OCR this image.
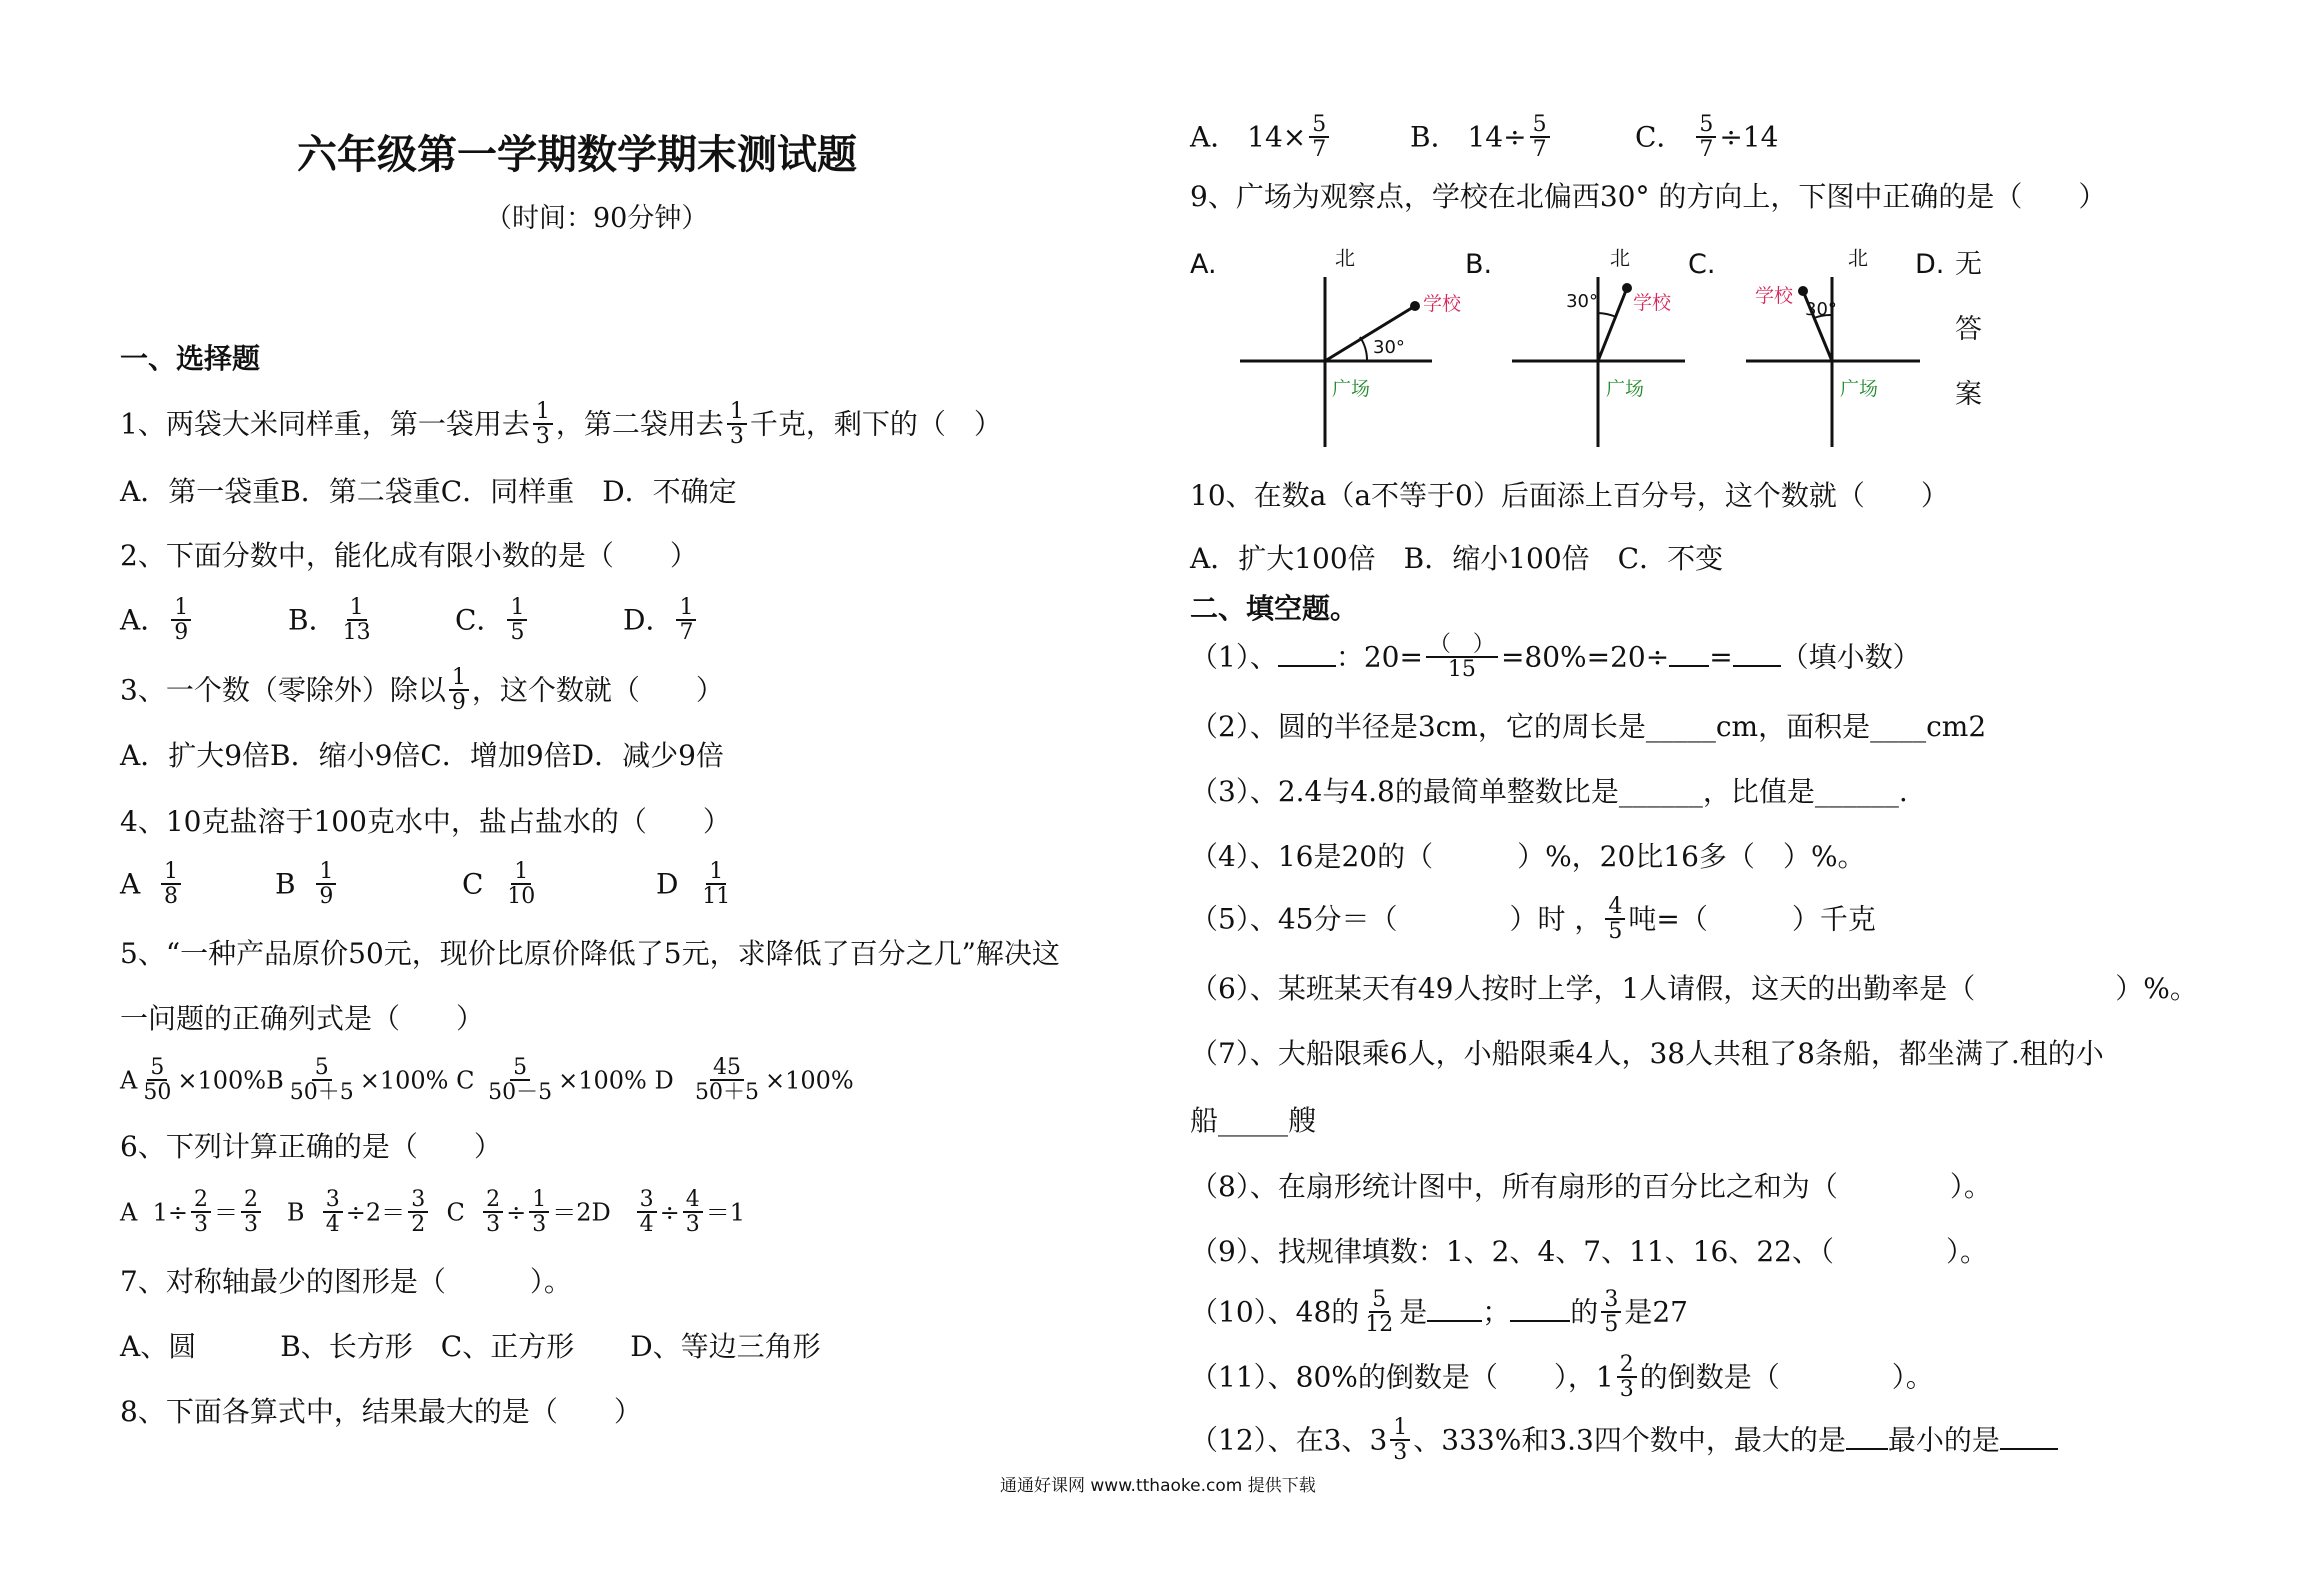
六年级第一学期数学期末测试题
（时间：90分钟）
一、选择题
1、两袋大米同样重，第一袋用去 $\frac{1}{3}$ ，第二袋用去 $\frac{1}{3}$ 千克，剩下的（　）
A．第一袋重B．第二袋重C．同样重　D．不确定
2、下面分数中，能化成有限小数的是（　　）
A． $\frac{1}{9}$	B． $\frac{1}{13}$	C． $\frac{1}{5}$	D． $\frac{1}{7}$
3、一个数（零除外）除以 $\frac{1}{9}$ ，这个数就（　　）
A．扩大9倍B．缩小9倍C．增加9倍D．减少9倍
4、10克盐溶于100克水中，盐占盐水的（　　）
A $\frac{1}{8}$	B $\frac{1}{9}$	C $\frac{1}{10}$	D $\frac{1}{11}$
5、“一种产品原价50元，现价比原价降低了5元，求降低了百分之几”解决这
一问题的正确列式是（　　）
A $\frac{5}{50} \times 100\%B \frac{5}{50+5} \times 100\%$ C $\frac{5}{50-5} \times 100\%$ D $\frac{45}{50+5} \times 100\%$
6、下列计算正确的是（　　）
A $1\div \frac{2}{3} = \frac{2}{3}$ B $\frac{3}{4} \div 2= \frac{3}{2}$ C $\frac{2}{3} \div \frac{1}{3} =2D \frac{3}{4} \div \frac{4}{3} =1$
7、对称轴最少的图形是（　　　）。
A、圆　　　B、长方形　C、正方形　　D、等边三角形
8、下面各算式中，结果最大的是（　　）
A． $14\times \frac{5}{7}$	B． $14\div \frac{5}{7}$	C． $\frac{5}{7} \div 14$
9、广场为观察点，学校在北偏西30° 的方向上，下图中正确的是（　　）
A.	B.	C.	D. 无
答
案
北
学校
30°
广场
北
30° 学校
广场
北
学校
30°
广场
10、在数a（a不等于0）后面添上百分号，这个数就（　　）
A．扩大100倍　B．缩小100倍　C．不变
二、填空题。
（1）、 ：$20= \frac{( )}{15} =80\%=20\div$ = （填小数）
（2）、圆的半径是3cm，它的周长是_____cm，面积是____cm2
（3）、2.4与4.8的最简单整数比是______，比值是______.
（4）、16是20的（　　　）%，20比16多（　）%。
（5）、45分＝（　　　　）时 ， $\frac{4}{5}$ 吨=（　　　）千克
（6）、某班某天有49人按时上学，1人请假，这天的出勤率是（　　　　　）%。
（7）、大船限乘6人，小船限乘4人，38人共租了8条船，都坐满了.租的小
船_____艘
（8）、在扇形统计图中，所有扇形的百分比之和为（　　　　）。
（9）、找规律填数：1、2、4、7、11、16、22、（　　　　）。
（10）、48的 $\frac{5}{12}$ 是 ； 的 $\frac{3}{5}$ 是27
（11）、80%的倒数是（　　），$1 \frac{2}{3}$ 的倒数是（　　　　）。
（12）、在3、$3 \frac{1}{3}$ 、333%和3.3四个数中，最大的是 最小的是
通通好课网 www.tthaoke.com 提供下载
